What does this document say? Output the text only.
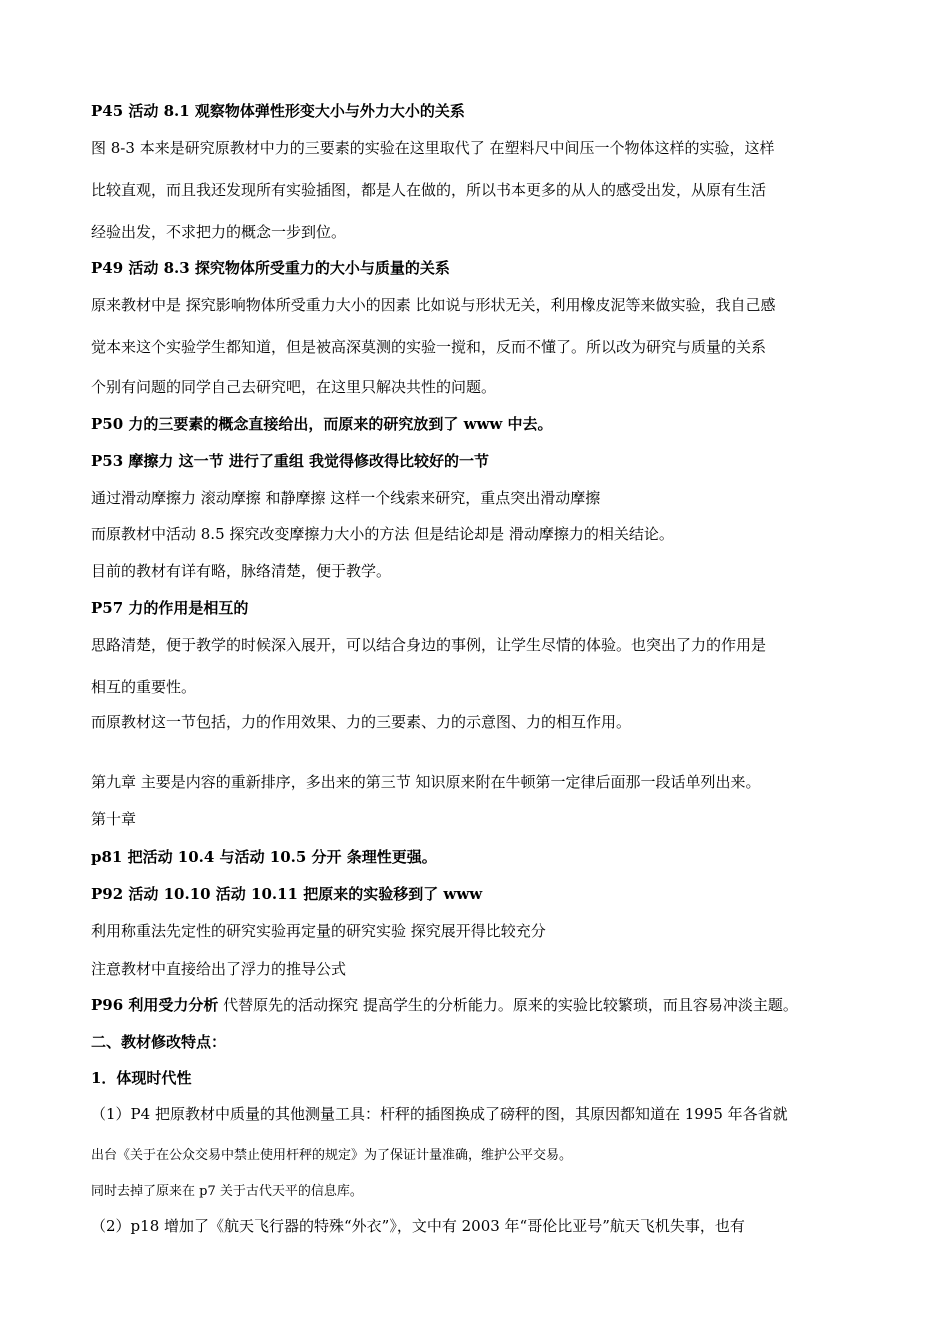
P45 活动 8.1 观察物体弹性形变大小与外力大小的关系
图 8-3 本来是研究原教材中力的三要素的实验在这里取代了 在塑料尺中间压一个物体这样的实验，这样
比较直观，而且我还发现所有实验插图，都是人在做的，所以书本更多的从人的感受出发，从原有生活
经验出发，不求把力的概念一步到位。
P49 活动 8.3 探究物体所受重力的大小与质量的关系
原来教材中是 探究影响物体所受重力大小的因素 比如说与形状无关，利用橡皮泥等来做实验，我自己感
觉本来这个实验学生都知道，但是被高深莫测的实验一搅和，反而不懂了。所以改为研究与质量的关系
个别有问题的同学自己去研究吧，在这里只解决共性的问题。
P50 力的三要素的概念直接给出，而原来的研究放到了 www 中去。
P53 摩擦力 这一节 进行了重组 我觉得修改得比较好的一节
通过滑动摩擦力 滚动摩擦 和静摩擦 这样一个线索来研究，重点突出滑动摩擦
而原教材中活动 8.5 探究改变摩擦力大小的方法 但是结论却是 滑动摩擦力的相关结论。
目前的教材有详有略，脉络清楚，便于教学。
P57 力的作用是相互的
思路清楚，便于教学的时候深入展开，可以结合身边的事例，让学生尽情的体验。也突出了力的作用是
相互的重要性。
而原教材这一节包括，力的作用效果、力的三要素、力的示意图、力的相互作用。
第九章 主要是内容的重新排序，多出来的第三节 知识原来附在牛顿第一定律后面那一段话单列出来。
第十章
p81 把活动 10.4 与活动 10.5 分开 条理性更强。
P92 活动 10.10 活动 10.11 把原来的实验移到了 www
利用称重法先定性的研究实验再定量的研究实验 探究展开得比较充分
注意教材中直接给出了浮力的推导公式
P96 利用受力分析 代替原先的活动探究 提高学生的分析能力。原来的实验比较繁琐，而且容易冲淡主题。
二、教材修改特点：
1．体现时代性
（1）P4 把原教材中质量的其他测量工具：杆秤的插图换成了磅秤的图，其原因都知道在 1995 年各省就
出台《关于在公众交易中禁止使用杆秤的规定》为了保证计量准确，维护公平交易。
同时去掉了原来在 p7 关于古代天平的信息库。
（2）p18 增加了《航天飞行器的特殊“外衣”》，文中有 2003 年“哥伦比亚号”航天飞机失事，也有
